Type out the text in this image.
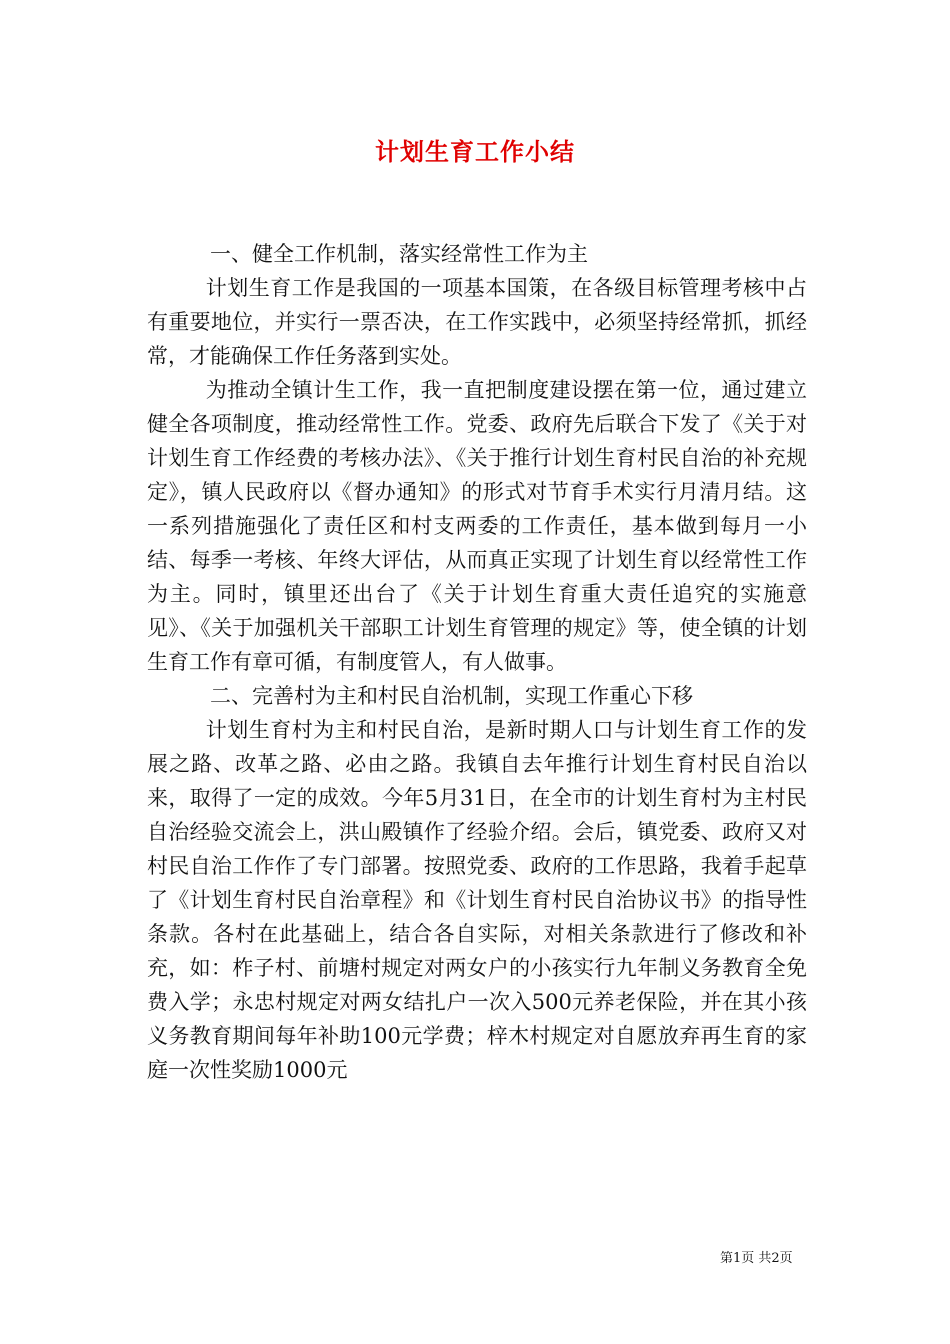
计划生育工作小结

一、健全工作机制，落实经常性工作为主

计划生育工作是我国的一项基本国策，在各级目标管理考核中占有重要地位，并实行一票否决，在工作实践中，必须坚持经常抓，抓经常，才能确保工作任务落到实处。

为推动全镇计生工作，我一直把制度建设摆在第一位，通过建立健全各项制度，推动经常性工作。党委、政府先后联合下发了《关于对计划生育工作经费的考核办法》、《关于推行计划生育村民自治的补充规定》，镇人民政府以《督办通知》的形式对节育手术实行月清月结。这一系列措施强化了责任区和村支两委的工作责任，基本做到每月一小结、每季一考核、年终大评估，从而真正实现了计划生育以经常性工作为主。同时，镇里还出台了《关于计划生育重大责任追究的实施意见》、《关于加强机关干部职工计划生育管理的规定》等，使全镇的计划生育工作有章可循，有制度管人，有人做事。

二、完善村为主和村民自治机制，实现工作重心下移

计划生育村为主和村民自治，是新时期人口与计划生育工作的发展之路、改革之路、必由之路。我镇自去年推行计划生育村民自治以来，取得了一定的成效。今年5月31日，在全市的计划生育村为主村民自治经验交流会上，洪山殿镇作了经验介绍。会后，镇党委、政府又对村民自治工作作了专门部署。按照党委、政府的工作思路，我着手起草了《计划生育村民自治章程》和《计划生育村民自治协议书》的指导性条款。各村在此基础上，结合各自实际，对相关条款进行了修改和补充，如：柞子村、前塘村规定对两女户的小孩实行九年制义务教育全免费入学；永忠村规定对两女结扎户一次入500元养老保险，并在其小孩义务教育期间每年补助100元学费；梓木村规定对自愿放弃再生育的家庭一次性奖励1000元

第1页 共2页
